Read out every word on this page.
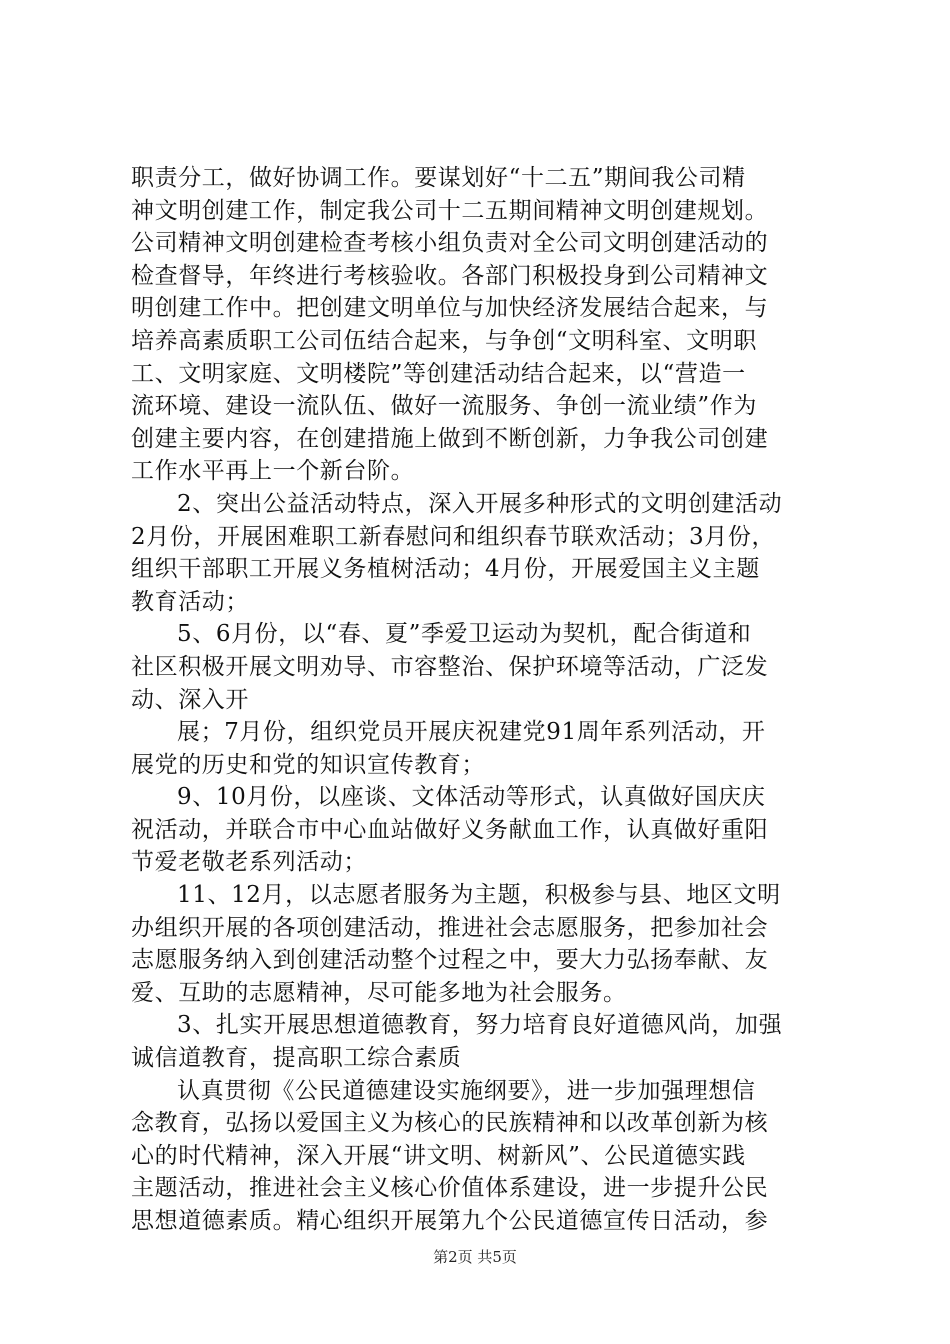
职责分工，做好协调工作。要谋划好“十二五”期间我公司精
神文明创建工作，制定我公司十二五期间精神文明创建规划。
公司精神文明创建检查考核小组负责对全公司文明创建活动的
检查督导，年终进行考核验收。各部门积极投身到公司精神文
明创建工作中。把创建文明单位与加快经济发展结合起来，与
培养高素质职工公司伍结合起来，与争创“文明科室、文明职
工、文明家庭、文明楼院”等创建活动结合起来，以“营造一
流环境、建设一流队伍、做好一流服务、争创一流业绩”作为
创建主要内容，在创建措施上做到不断创新，力争我公司创建
工作水平再上一个新台阶。
2、突出公益活动特点，深入开展多种形式的文明创建活动
2月份，开展困难职工新春慰问和组织春节联欢活动；3月份，
组织干部职工开展义务植树活动；4月份，开展爱国主义主题
教育活动；
5、6月份，以“春、夏”季爱卫运动为契机，配合街道和
社区积极开展文明劝导、市容整治、保护环境等活动，广泛发
动、深入开
展；7月份，组织党员开展庆祝建党91周年系列活动，开
展党的历史和党的知识宣传教育；
9、10月份，以座谈、文体活动等形式，认真做好国庆庆
祝活动，并联合市中心血站做好义务献血工作，认真做好重阳
节爱老敬老系列活动；
11、12月，以志愿者服务为主题，积极参与县、地区文明
办组织开展的各项创建活动，推进社会志愿服务，把参加社会
志愿服务纳入到创建活动整个过程之中，要大力弘扬奉献、友
爱、互助的志愿精神，尽可能多地为社会服务。
3、扎实开展思想道德教育，努力培育良好道德风尚，加强
诚信道教育，提高职工综合素质
认真贯彻《公民道德建设实施纲要》，进一步加强理想信
念教育，弘扬以爱国主义为核心的民族精神和以改革创新为核
心的时代精神，深入开展“讲文明、树新风”、公民道德实践
主题活动，推进社会主义核心价值体系建设，进一步提升公民
思想道德素质。精心组织开展第九个公民道德宣传日活动，参
第2页 共5页
